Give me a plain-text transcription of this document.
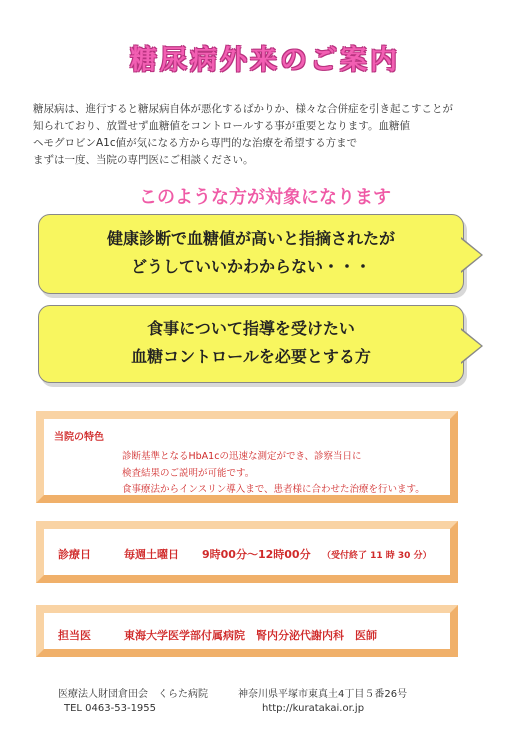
糖尿病外来のご案内
糖尿病は、進行すると糖尿病自体が悪化するばかりか、様々な合併症を引き起こすことが
知られており、放置せず血糖値をコントロールする事が重要となります。血糖値
ヘモグロビンA1c値が気になる方から専門的な治療を希望する方まで
まずは一度、当院の専門医にご相談ください。
このような方が対象になります
健康診断で血糖値が高いと指摘されたが
どうしていいかわからない・・・
食事について指導を受けたい
血糖コントロールを必要とする方
当院の特色
診断基準となるHbA1cの迅速な測定ができ、診察当日に
検査結果のご説明が可能です。
食事療法からインスリン導入まで、患者様に合わせた治療を行います。
診療日	毎週土曜日 9時00分～12時00分 （受付終了 11 時 30 分）
担当医	東海大学医学部付属病院　腎内分泌代謝内科　医師
医療法人財団倉田会　くらた病院	神奈川県平塚市東真土4丁目５番26号
TEL 0463-53-1955	http://kuratakai.or.jp
